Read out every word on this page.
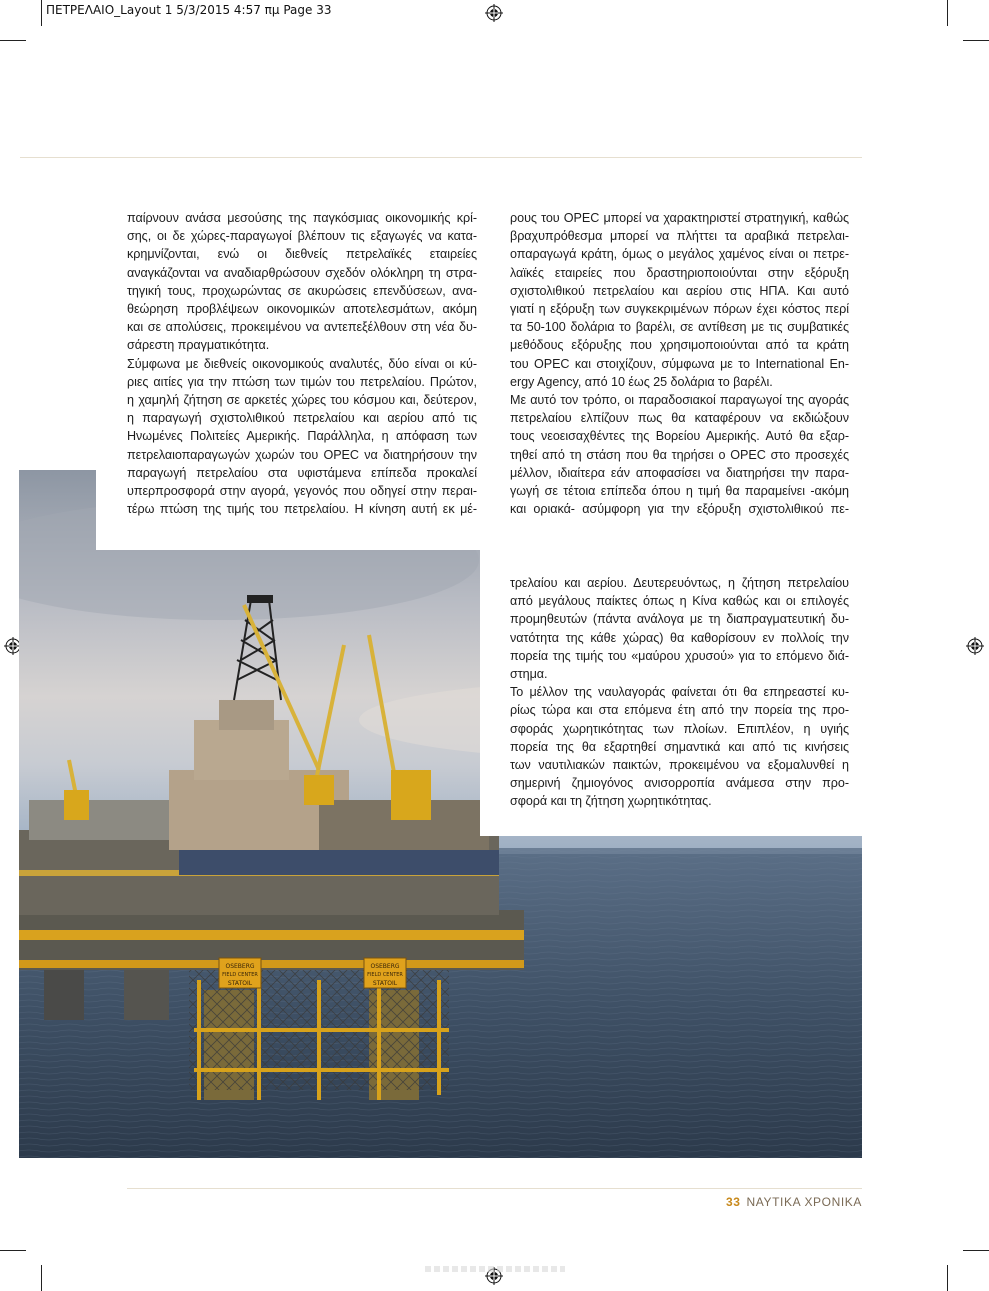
ΠΕΤΡΕΛΑΙΟ_Layout 1 5/3/2015 4:57 πμ Page 33
OSEBERG
FIELD CENTER
STATOIL
OSEBERG
FIELD CENTER
STATOIL
παίρνουν ανάσα μεσούσης της παγκόσμιας οικονομικής κρί-
σης, οι δε χώρες-παραγωγοί βλέπουν τις εξαγωγές να κατα-
κρημνίζονται, ενώ οι διεθνείς πετρελαϊκές εταιρείες
αναγκάζονται να αναδιαρθρώσουν σχεδόν ολόκληρη τη στρα-
τηγική τους, προχωρώντας σε ακυρώσεις επενδύσεων, ανα-
θεώρηση προβλέψεων οικονομικών αποτελεσμάτων, ακόμη
και σε απολύσεις, προκειμένου να αντεπεξέλθουν στη νέα δυ-
σάρεστη πραγματικότητα.
Σύμφωνα με διεθνείς οικονομικούς αναλυτές, δύο είναι οι κύ-
ριες αιτίες για την πτώση των τιμών του πετρελαίου. Πρώτον,
η χαμηλή ζήτηση σε αρκετές χώρες του κόσμου και, δεύτερον,
η παραγωγή σχιστολιθικού πετρελαίου και αερίου από τις
Ηνωμένες Πολιτείες Αμερικής. Παράλληλα, η απόφαση των
πετρελαιοπαραγωγών χωρών του OPEC να διατηρήσουν την
παραγωγή πετρελαίου στα υφιστάμενα επίπεδα προκαλεί
υπερπροσφορά στην αγορά, γεγονός που οδηγεί στην περαι-
τέρω πτώση της τιμής του πετρελαίου. Η κίνηση αυτή εκ μέ-
ρους του OPEC μπορεί να χαρακτηριστεί στρατηγική, καθώς
βραχυπρόθεσμα μπορεί να πλήττει τα αραβικά πετρελαι-
οπαραγωγά κράτη, όμως ο μεγάλος χαμένος είναι οι πετρε-
λαϊκές εταιρείες που δραστηριοποιούνται στην εξόρυξη
σχιστολιθικού πετρελαίου και αερίου στις ΗΠΑ. Και αυτό
γιατί η εξόρυξη των συγκεκριμένων πόρων έχει κόστος περί
τα 50-100 δολάρια το βαρέλι, σε αντίθεση με τις συμβατικές
μεθόδους εξόρυξης που χρησιμοποιούνται από τα κράτη
του OPEC και στοιχίζουν, σύμφωνα με το International En-
ergy Agency, από 10 έως 25 δολάρια το βαρέλι.
Με αυτό τον τρόπο, οι παραδοσιακοί παραγωγοί της αγοράς
πετρελαίου ελπίζουν πως θα καταφέρουν να εκδιώξουν
τους νεοεισαχθέντες της Βορείου Αμερικής. Αυτό θα εξαρ-
τηθεί από τη στάση που θα τηρήσει ο OPEC στο προσεχές
μέλλον, ιδιαίτερα εάν αποφασίσει να διατηρήσει την παρα-
γωγή σε τέτοια επίπεδα όπου η τιμή θα παραμείνει -ακόμη
και οριακά- ασύμφορη για την εξόρυξη σχιστολιθικού πε-
τρελαίου και αερίου. Δευτερευόντως, η ζήτηση πετρελαίου
από μεγάλους παίκτες όπως η Κίνα καθώς και οι επιλογές
προμηθευτών (πάντα ανάλογα με τη διαπραγματευτική δυ-
νατότητα της κάθε χώρας) θα καθορίσουν εν πολλοίς την
πορεία της τιμής του «μαύρου χρυσού» για το επόμενο διά-
στημα.
Το μέλλον της ναυλαγοράς φαίνεται ότι θα επηρεαστεί κυ-
ρίως τώρα και στα επόμενα έτη από την πορεία της προ-
σφοράς χωρητικότητας των πλοίων. Επιπλέον, η υγιής
πορεία της θα εξαρτηθεί σημαντικά και από τις κινήσεις
των ναυτιλιακών παικτών, προκειμένου να εξομαλυνθεί η
σημερινή ζημιογόνος ανισορροπία ανάμεσα στην προ-
σφορά και τη ζήτηση χωρητικότητας.
33 ΝΑΥΤΙΚΑ ΧΡΟΝΙΚΑ
